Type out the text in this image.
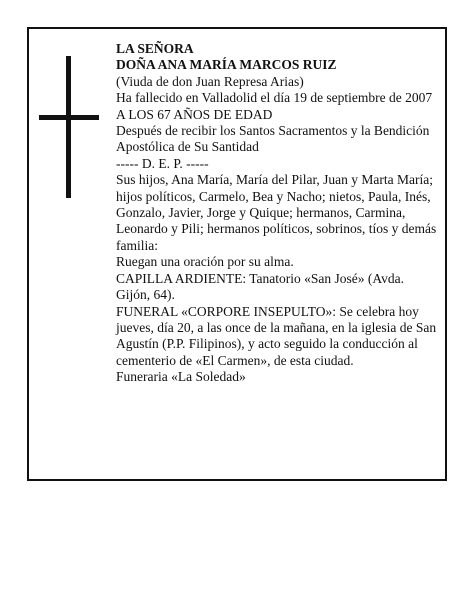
LA SEÑORA

DOÑA ANA MARÍA MARCOS RUIZ

(Viuda de don Juan Represa Arias)

Ha fallecido en Valladolid el día 19 de septiembre de 2007

A LOS 67 AÑOS DE EDAD

Después de recibir los Santos Sacramentos y la Bendición Apostólica de Su Santidad

----- D. E. P. -----

Sus hijos, Ana María, María del Pilar, Juan y Marta María; hijos políticos, Carmelo, Bea y Nacho; nietos, Paula, Inés, Gonzalo, Javier, Jorge y Quique; hermanos, Carmina, Leonardo y Pili; hermanos políticos, sobrinos, tíos y demás familia:

Ruegan una oración por su alma.

CAPILLA ARDIENTE: Tanatorio «San José» (Avda. Gijón, 64).

FUNERAL «CORPORE INSEPULTO»: Se celebra hoy jueves, día 20, a las once de la mañana, en la iglesia de San Agustín (P.P. Filipinos), y acto seguido la conducción al cementerio de «El Carmen», de esta ciudad.

Funeraria «La Soledad»
